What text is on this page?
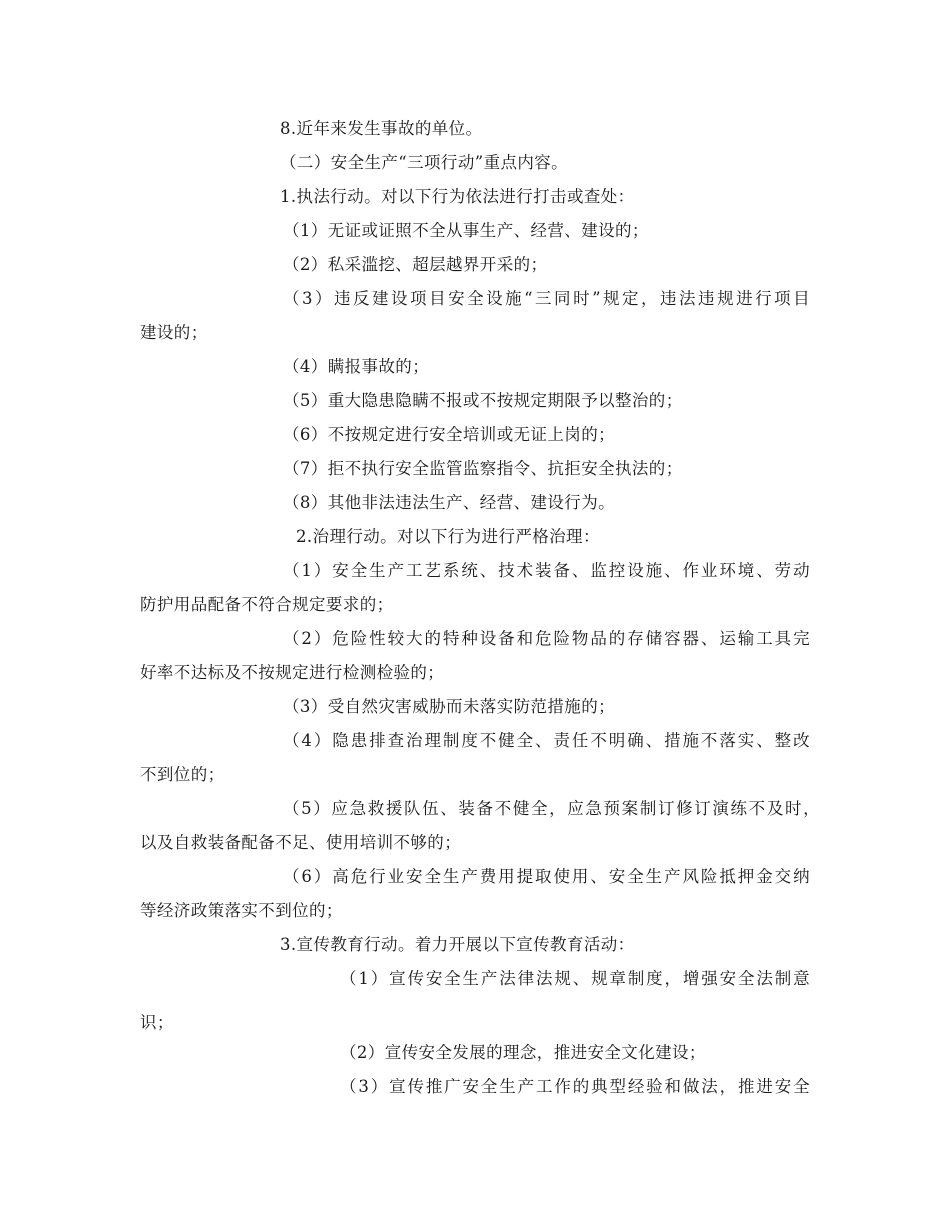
8.近年来发生事故的单位。
（二）安全生产“三项行动”重点内容。
1.执法行动。对以下行为依法进行打击或查处：
（1）无证或证照不全从事生产、经营、建设的；
（2）私采滥挖、超层越界开采的；
（3）违反建设项目安全设施“三同时”规定，违法违规进行项目
建设的；
（4）瞒报事故的；
（5）重大隐患隐瞒不报或不按规定期限予以整治的；
（6）不按规定进行安全培训或无证上岗的；
（7）拒不执行安全监管监察指令、抗拒安全执法的；
（8）其他非法违法生产、经营、建设行为。
2.治理行动。对以下行为进行严格治理：
（1）安全生产工艺系统、技术装备、监控设施、作业环境、劳动
防护用品配备不符合规定要求的；
（2）危险性较大的特种设备和危险物品的存储容器、运输工具完
好率不达标及不按规定进行检测检验的；
（3）受自然灾害威胁而未落实防范措施的；
（4）隐患排查治理制度不健全、责任不明确、措施不落实、整改
不到位的；
（5）应急救援队伍、装备不健全，应急预案制订修订演练不及时，
以及自救装备配备不足、使用培训不够的；
（6）高危行业安全生产费用提取使用、安全生产风险抵押金交纳
等经济政策落实不到位的；
3.宣传教育行动。着力开展以下宣传教育活动：
（1）宣传安全生产法律法规、规章制度，增强安全法制意
识；
（2）宣传安全发展的理念，推进安全文化建设；
（3）宣传推广安全生产工作的典型经验和做法，推进安全
